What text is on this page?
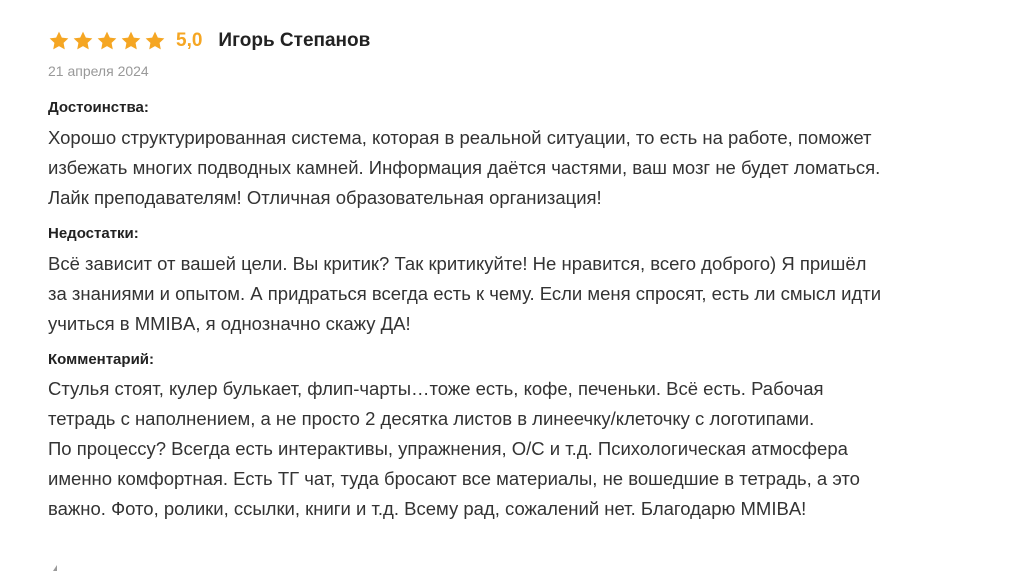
5,0 Игорь Степанов
21 апреля 2024
Достоинства:
Хорошо структурированная система, которая в реальной ситуации, то есть на работе, поможет
избежать многих подводных камней. Информация даётся частями, ваш мозг не будет ломаться.
Лайк преподавателям! Отличная образовательная организация!
Недостатки:
Всё зависит от вашей цели. Вы критик? Так критикуйте! Не нравится, всего доброго) Я пришёл
за знаниями и опытом. А придраться всегда есть к чему. Если меня спросят, есть ли смысл идти
учиться в MMIBA, я однозначно скажу ДА!
Комментарий:
Стулья стоят, кулер булькает, флип-чарты…тоже есть, кофе, печеньки. Всё есть. Рабочая
тетрадь с наполнением, а не просто 2 десятка листов в линеечку/клеточку с логотипами.
По процессу? Всегда есть интерактивы, упражнения, О/С и т.д. Психологическая атмосфера
именно комфортная. Есть ТГ чат, туда бросают все материалы, не вошедшие в тетрадь, а это
важно. Фото, ролики, ссылки, книги и т.д. Всему рад, сожалений нет. Благодарю MMIBA!
